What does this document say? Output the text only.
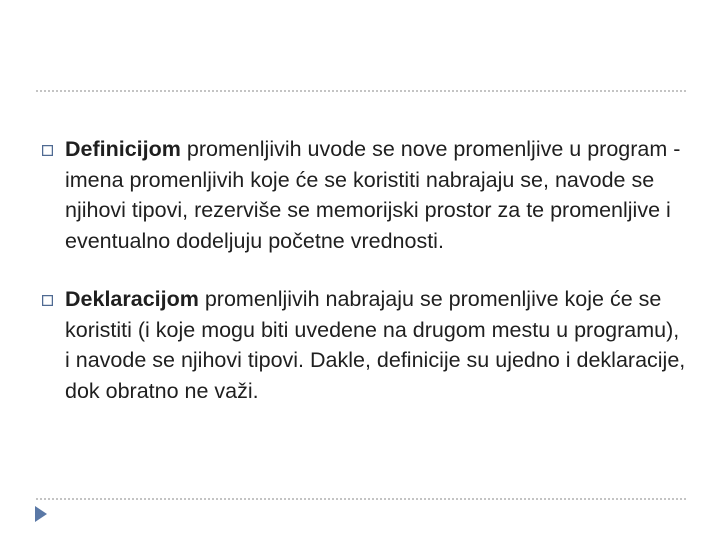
Definicijom promenljivih uvode se nove promenljive u program - imena promenljivih koje će se koristiti nabrajaju se, navode se njihovi tipovi, rezerviše se memorijski prostor za te promenljive i eventualno dodeljuju početne vrednosti.
Deklaracijom promenljivih nabrajaju se promenljive koje će se koristiti (i koje mogu biti uvedene na drugom mestu u programu), i navode se njihovi tipovi. Dakle, definicije su ujedno i deklaracije, dok obratno ne važi.
